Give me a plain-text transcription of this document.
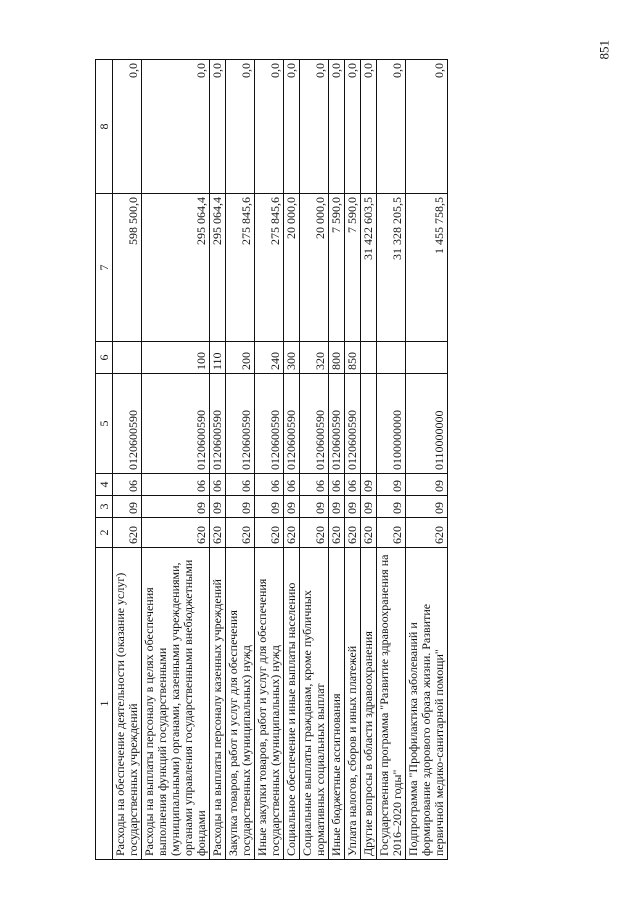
851
1	2	3	4	5	6	7	8
Расходы на обеспечение деятельности (оказание услуг) государственных учреждений	620	09	06	0120600590		598 500,0	0,0
Расходы на выплаты персоналу в целях обеспечения выполнения функций государственными (муниципальными) органами, казенными учреждениями, органами управления государственными внебюджетными фондами	620	09	06	0120600590	100	295 064,4	0,0
Расходы на выплаты персоналу казенных учреждений	620	09	06	0120600590	110	295 064,4	0,0
Закупка товаров, работ и услуг для обеспечения государственных (муниципальных) нужд	620	09	06	0120600590	200	275 845,6	0,0
Иные закупки товаров, работ и услуг для обеспечения государственных (муниципальных) нужд	620	09	06	0120600590	240	275 845,6	0,0
Социальное обеспечение и иные выплаты населению	620	09	06	0120600590	300	20 000,0	0,0
Социальные выплаты гражданам, кроме публичных нормативных социальных выплат	620	09	06	0120600590	320	20 000,0	0,0
Иные бюджетные ассигнования	620	09	06	0120600590	800	7 590,0	0,0
Уплата налогов, сборов и иных платежей	620	09	06	0120600590	850	7 590,0	0,0
Другие вопросы в области здравоохранения	620	09	09			31 422 603,5	0,0
Государственная программа "Развитие здравоохранения на 2016–2020 годы"	620	09	09	0100000000		31 328 205,5	0,0
Подпрограмма "Профилактика заболеваний и формирование здорового образа жизни. Развитие первичной медико-санитарной помощи"	620	09	09	0110000000		1 455 758,5	0,0
